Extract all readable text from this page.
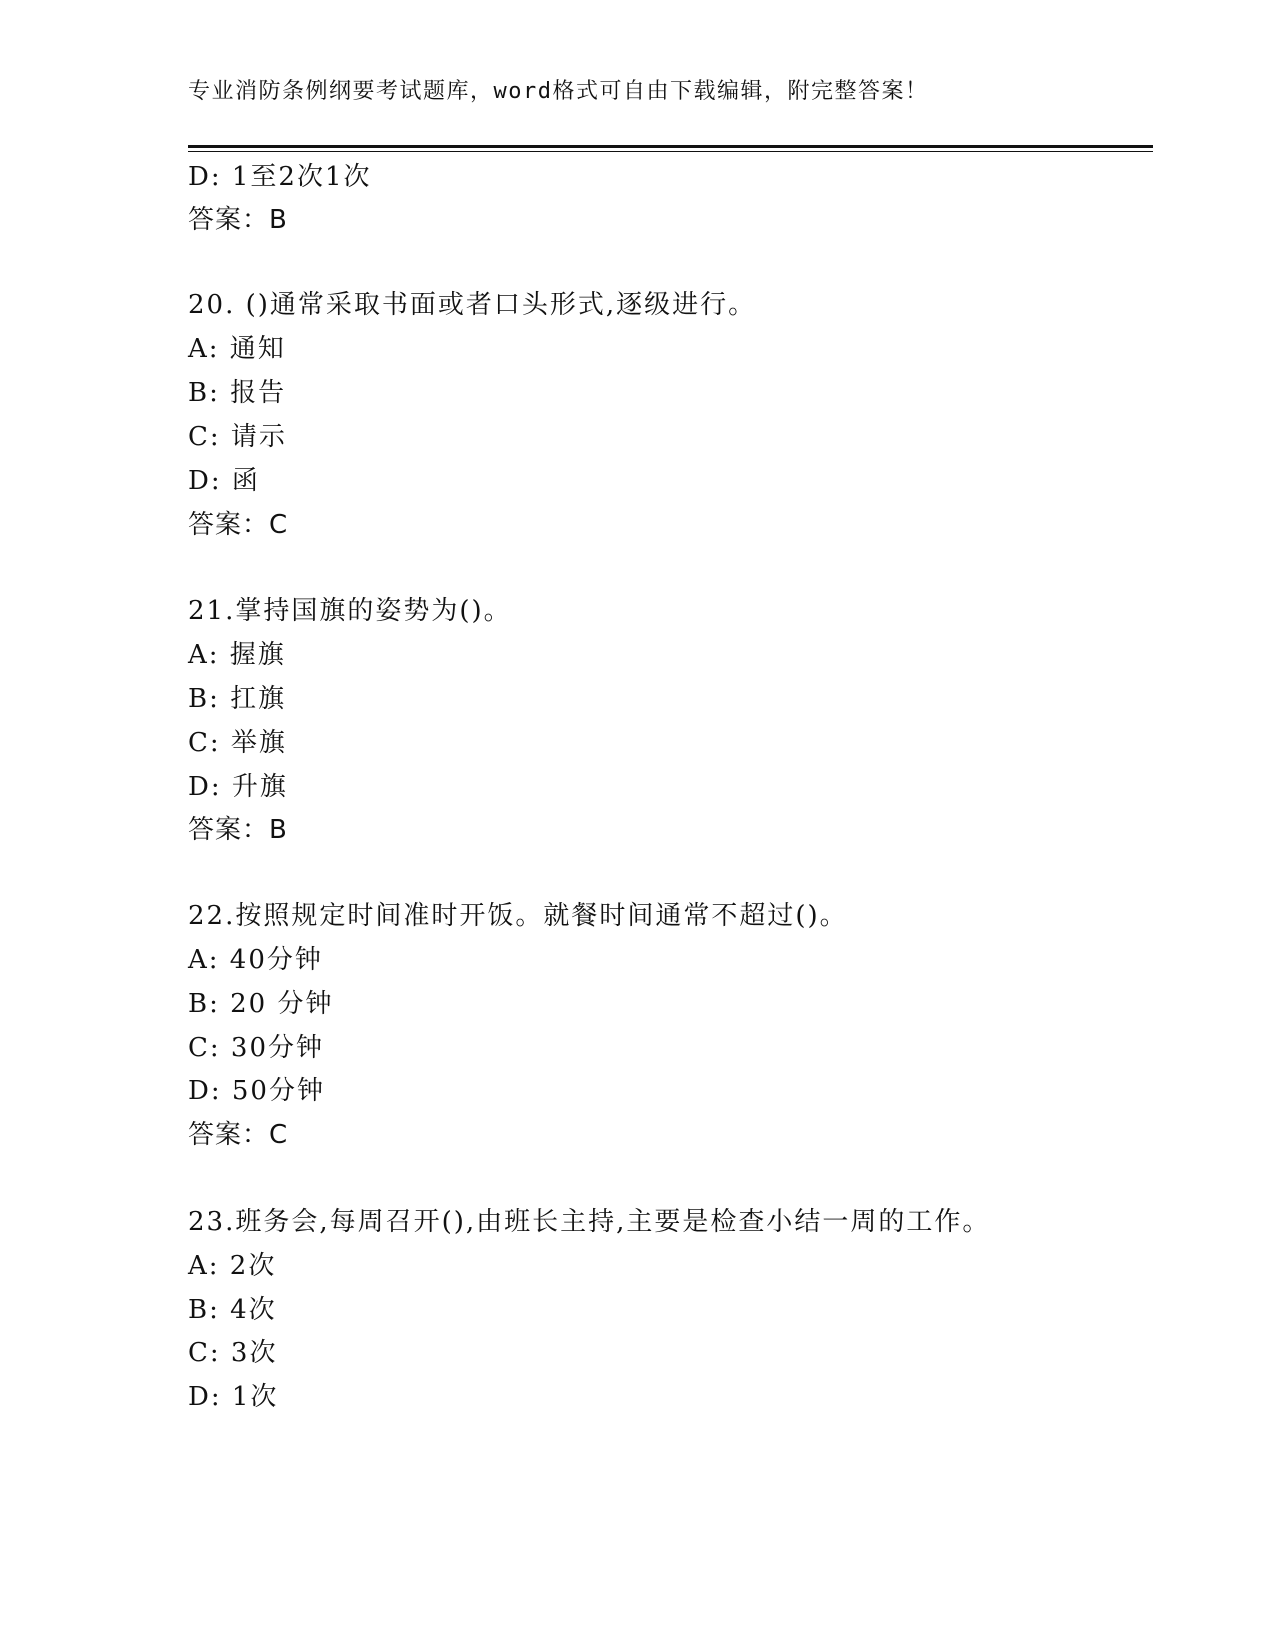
专业消防条例纲要考试题库，word格式可自由下载编辑，附完整答案！
D: 1至2次1次
答案：B
20. ()通常采取书面或者口头形式,逐级进行。
A: 通知
B: 报告
C: 请示
D: 函
答案：C
21.掌持国旗的姿势为()。
A: 握旗
B: 扛旗
C: 举旗
D: 升旗
答案：B
22.按照规定时间准时开饭。就餐时间通常不超过()。
A: 40分钟
B: 20 分钟
C: 30分钟
D: 50分钟
答案：C
23.班务会,每周召开(),由班长主持,主要是检查小结一周的工作。
A: 2次
B: 4次
C: 3次
D: 1次
